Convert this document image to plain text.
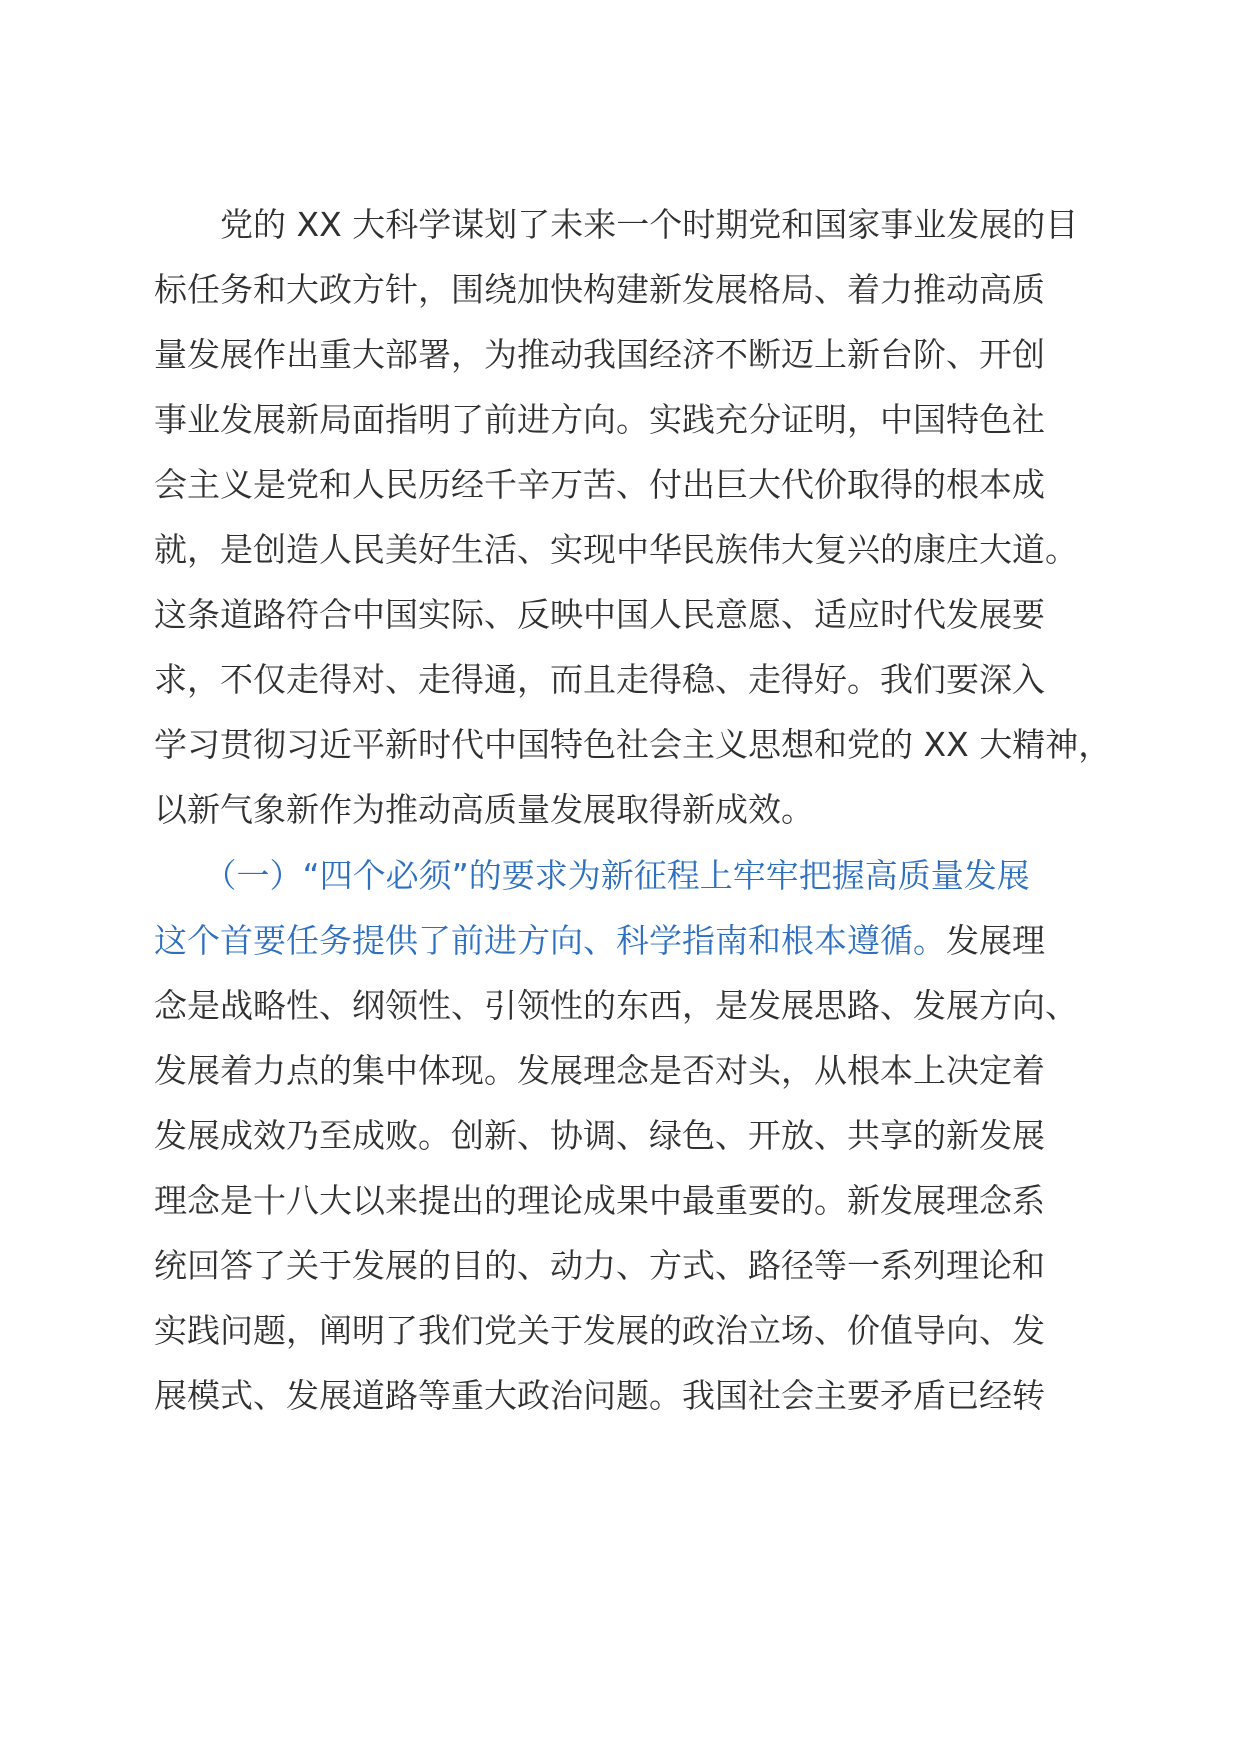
　　党的 XX 大科学谋划了未来一个时期党和国家事业发展的目
标任务和大政方针，围绕加快构建新发展格局、着力推动高质
量发展作出重大部署，为推动我国经济不断迈上新台阶、开创
事业发展新局面指明了前进方向。实践充分证明，中国特色社
会主义是党和人民历经千辛万苦、付出巨大代价取得的根本成
就，是创造人民美好生活、实现中华民族伟大复兴的康庄大道。
这条道路符合中国实际、反映中国人民意愿、适应时代发展要
求，不仅走得对、走得通，而且走得稳、走得好。我们要深入
学习贯彻习近平新时代中国特色社会主义思想和党的 XX 大精神，
以新气象新作为推动高质量发展取得新成效。

　　（一）“四个必须”的要求为新征程上牢牢把握高质量发展
这个首要任务提供了前进方向、科学指南和根本遵循。发展理
念是战略性、纲领性、引领性的东西，是发展思路、发展方向、
发展着力点的集中体现。发展理念是否对头，从根本上决定着
发展成效乃至成败。创新、协调、绿色、开放、共享的新发展
理念是十八大以来提出的理论成果中最重要的。新发展理念系
统回答了关于发展的目的、动力、方式、路径等一系列理论和
实践问题，阐明了我们党关于发展的政治立场、价值导向、发
展模式、发展道路等重大政治问题。我国社会主要矛盾已经转
